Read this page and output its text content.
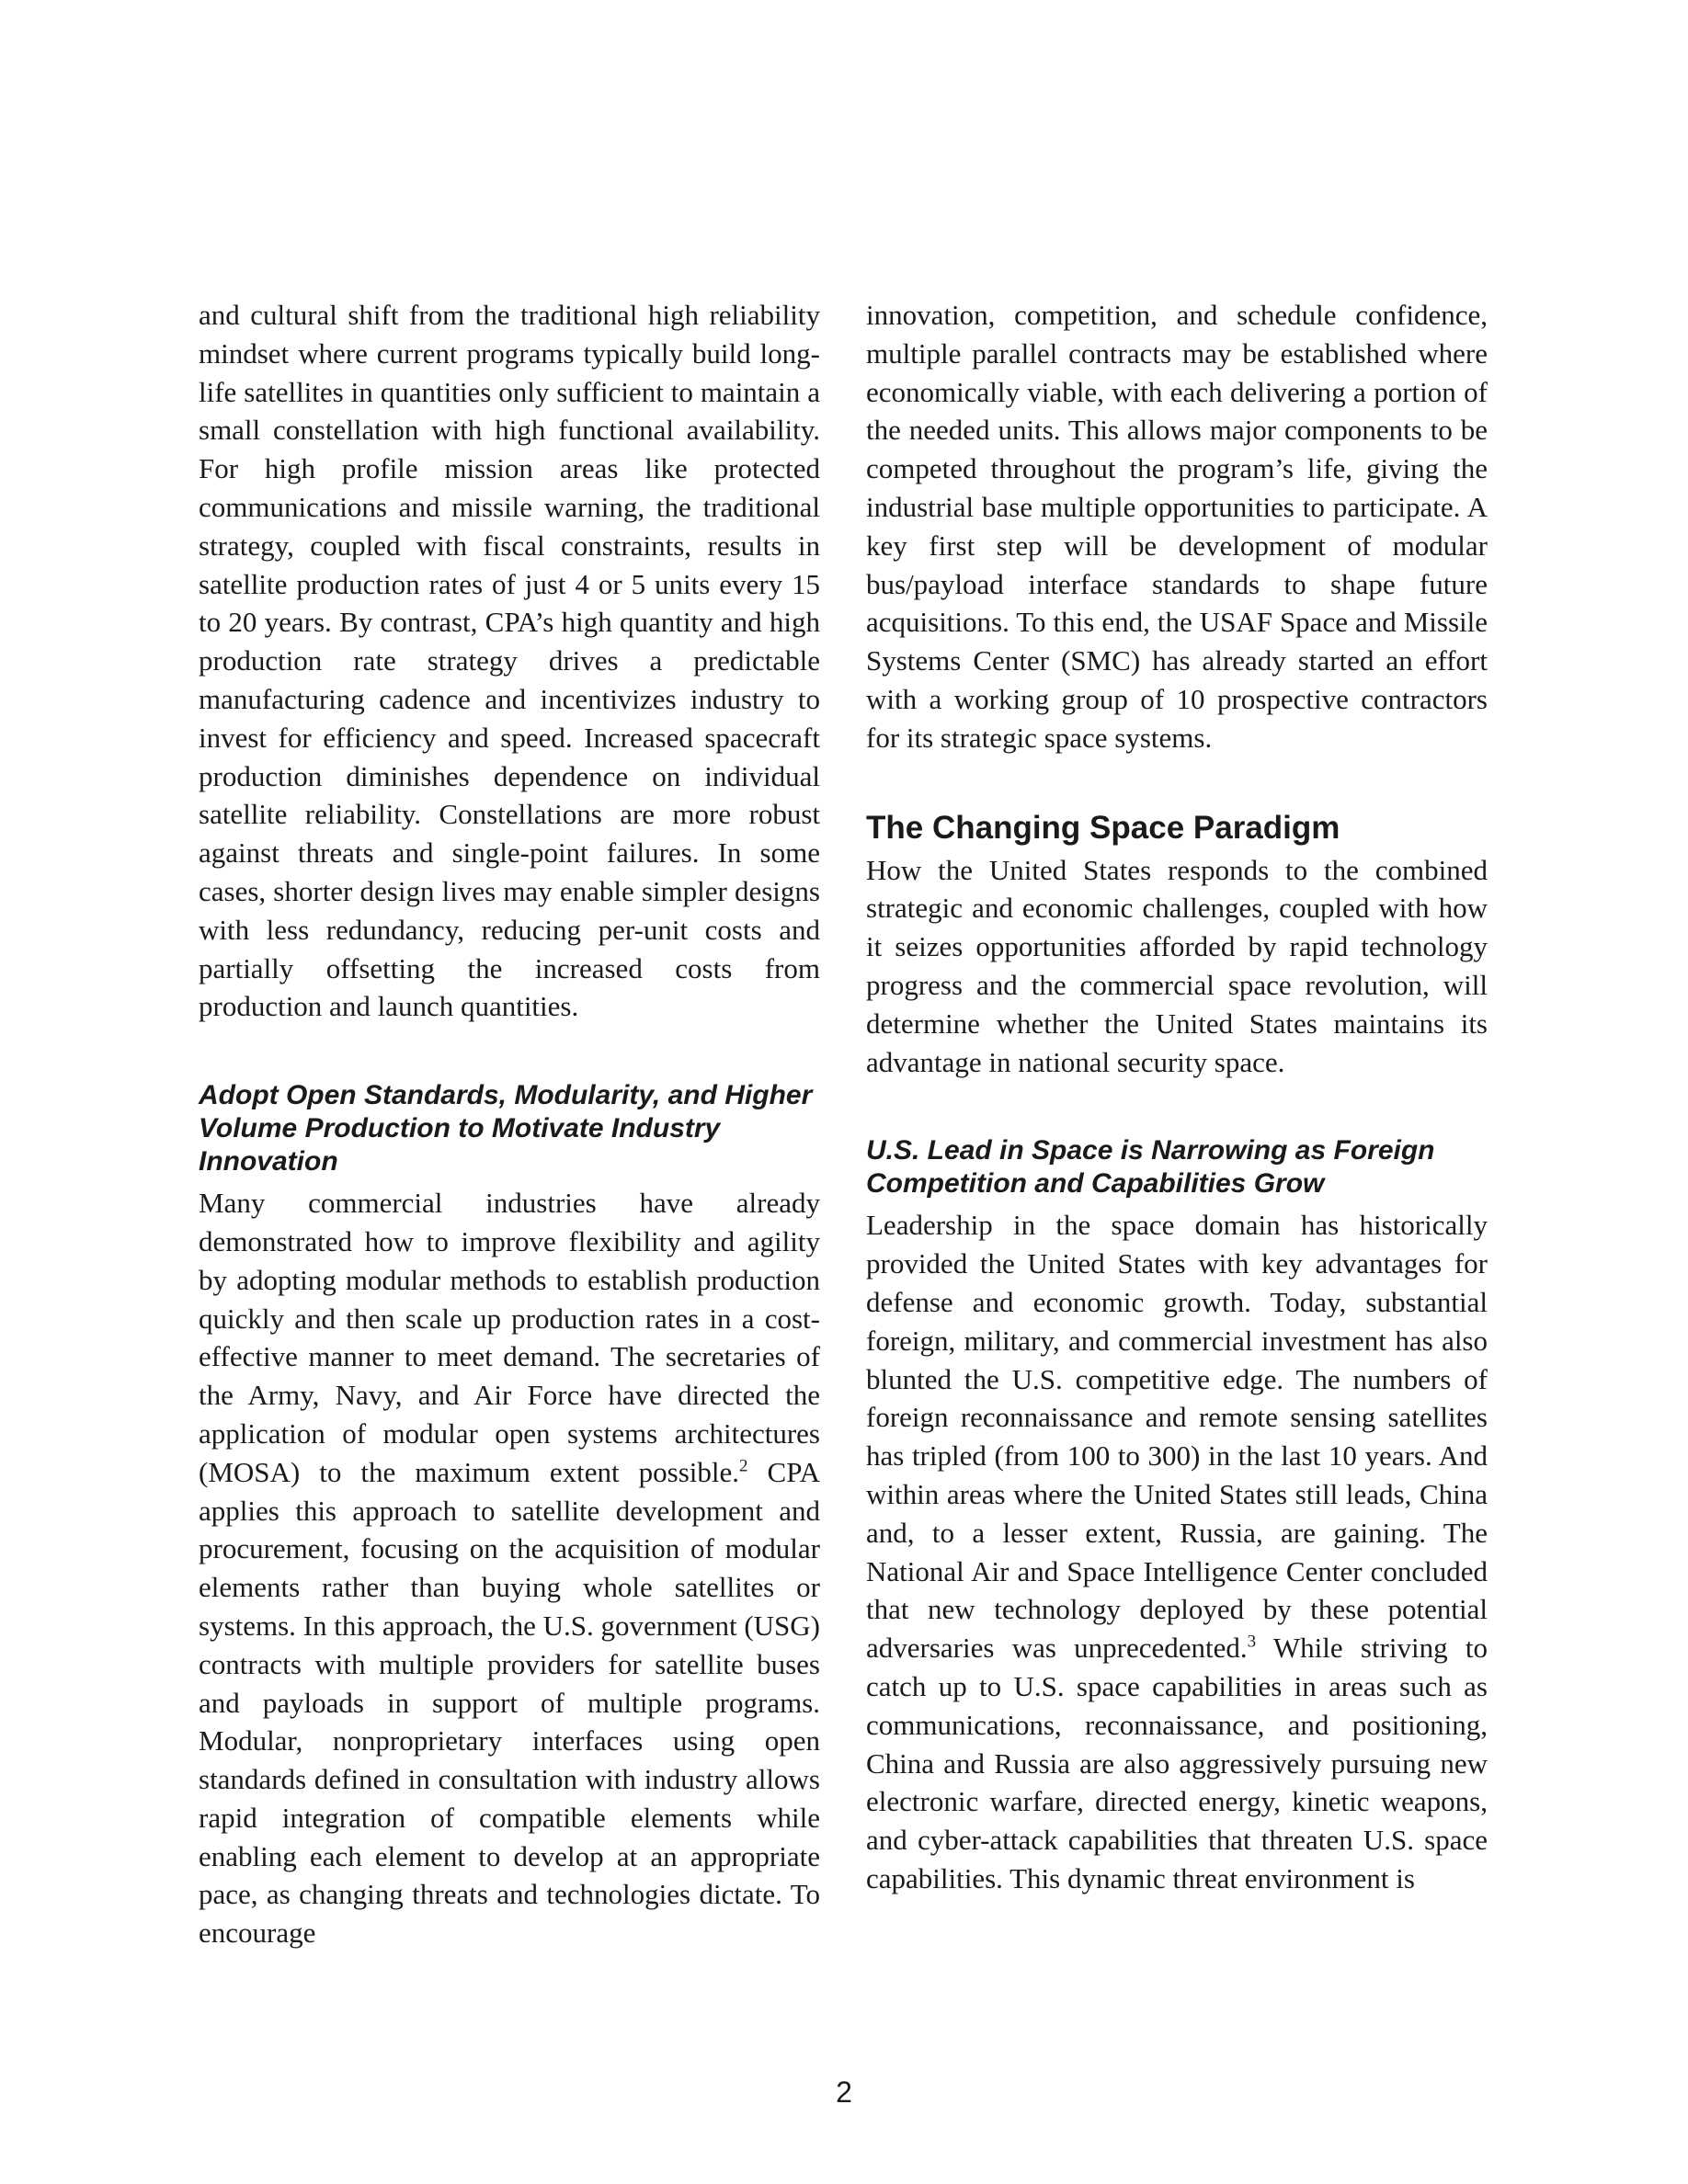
and cultural shift from the traditional high reliability mindset where current programs typically build long-life satellites in quantities only sufficient to maintain a small constellation with high functional availability. For high profile mission areas like protected communications and missile warning, the traditional strategy, coupled with fiscal constraints, results in satellite production rates of just 4 or 5 units every 15 to 20 years. By contrast, CPA’s high quantity and high production rate strategy drives a predictable manufacturing cadence and incentivizes industry to invest for efficiency and speed. Increased spacecraft production diminishes dependence on individual satellite reliability. Constellations are more robust against threats and single-point failures. In some cases, shorter design lives may enable simpler designs with less redundancy, reducing per-unit costs and partially offsetting the increased costs from production and launch quantities.

Adopt Open Standards, Modularity, and Higher Volume Production to Motivate Industry Innovation

Many commercial industries have already demonstrated how to improve flexibility and agility by adopting modular methods to establish production quickly and then scale up production rates in a cost-effective manner to meet demand. The secretaries of the Army, Navy, and Air Force have directed the application of modular open systems architectures (MOSA) to the maximum extent possible.$^2$ CPA applies this approach to satellite development and procurement, focusing on the acquisition of modular elements rather than buying whole satellites or systems. In this approach, the U.S. government (USG) contracts with multiple providers for satellite buses and payloads in support of multiple programs. Modular, nonproprietary interfaces using open standards defined in consultation with industry allows rapid integration of compatible elements while enabling each element to develop at an appropriate pace, as changing threats and technologies dictate. To encourage

innovation, competition, and schedule confidence, multiple parallel contracts may be established where economically viable, with each delivering a portion of the needed units. This allows major components to be competed throughout the program’s life, giving the industrial base multiple opportunities to participate. A key first step will be development of modular bus/payload interface standards to shape future acquisitions. To this end, the USAF Space and Missile Systems Center (SMC) has already started an effort with a working group of 10 prospective contractors for its strategic space systems.

The Changing Space Paradigm

How the United States responds to the combined strategic and economic challenges, coupled with how it seizes opportunities afforded by rapid technology progress and the commercial space revolution, will determine whether the United States maintains its advantage in national security space.

U.S. Lead in Space is Narrowing as Foreign Competition and Capabilities Grow

Leadership in the space domain has historically provided the United States with key advantages for defense and economic growth. Today, substantial foreign, military, and commercial investment has also blunted the U.S. competitive edge. The numbers of foreign reconnaissance and remote sensing satellites has tripled (from 100 to 300) in the last 10 years. And within areas where the United States still leads, China and, to a lesser extent, Russia, are gaining. The National Air and Space Intelligence Center concluded that new technology deployed by these potential adversaries was unprecedented.$^3$ While striving to catch up to U.S. space capabilities in areas such as communications, reconnaissance, and positioning, China and Russia are also aggressively pursuing new electronic warfare, directed energy, kinetic weapons, and cyber-attack capabilities that threaten U.S. space capabilities. This dynamic threat environment is

2
